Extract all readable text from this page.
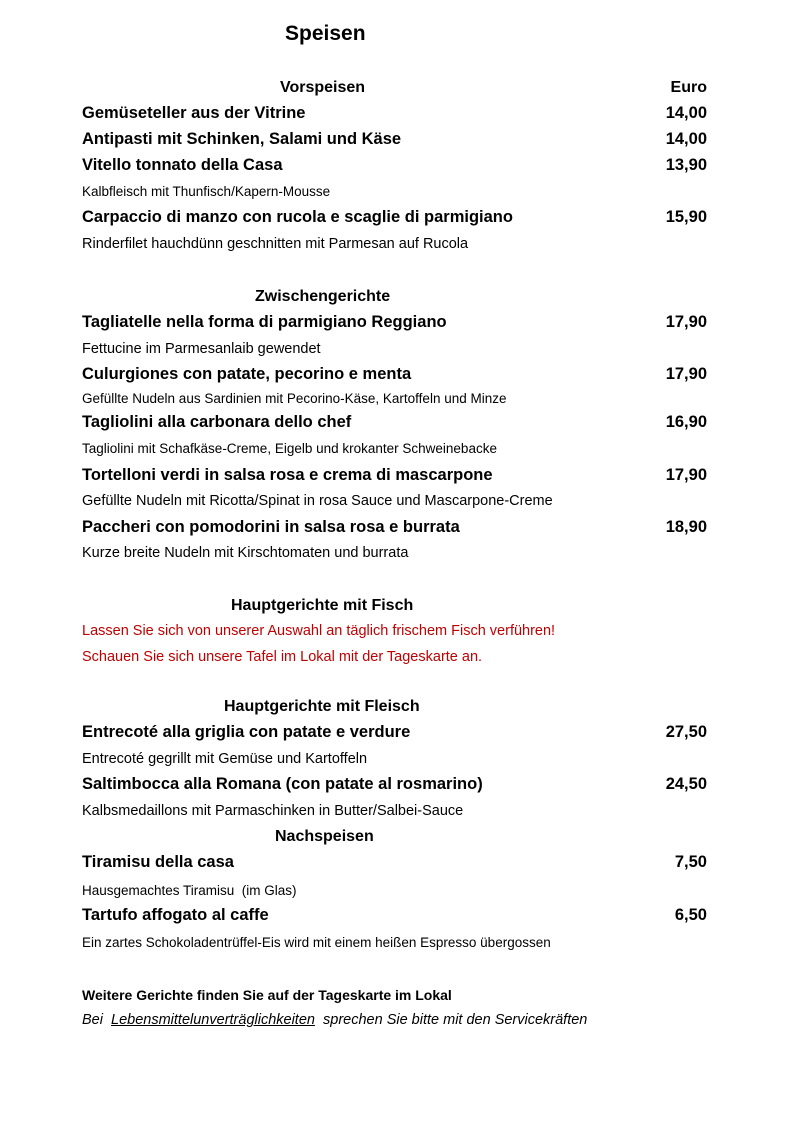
Speisen
Vorspeisen	Euro
Gemüseteller aus der Vitrine	14,00
Antipasti mit Schinken, Salami und Käse	14,00
Vitello tonnato della Casa	13,90
Kalbfleisch mit Thunfisch/Kapern-Mousse
Carpaccio di manzo con rucola e scaglie di parmigiano	15,90
Rinderfilet hauchdünn geschnitten mit Parmesan auf Rucola
Zwischengerichte
Tagliatelle nella forma di parmigiano Reggiano	17,90
Fettucine im Parmesanlaib gewendet
Culurgiones con patate, pecorino e menta	17,90
Gefüllte Nudeln aus Sardinien mit Pecorino-Käse, Kartoffeln und Minze
Tagliolini alla carbonara dello chef	16,90
Tagliolini mit Schafkäse-Creme, Eigelb und krokanter Schweinebacke
Tortelloni verdi in salsa rosa e crema di mascarpone	17,90
Gefüllte Nudeln mit Ricotta/Spinat in rosa Sauce und Mascarpone-Creme
Paccheri con pomodorini in salsa rosa e burrata	18,90
Kurze breite Nudeln mit Kirschtomaten und burrata
Hauptgerichte mit Fisch
Lassen Sie sich von unserer Auswahl an täglich frischem Fisch verführen!
Schauen Sie sich unsere Tafel im Lokal mit der Tageskarte an.
Hauptgerichte mit Fleisch
Entrecoté alla griglia con patate e verdure	27,50
Entrecoté gegrillt mit Gemüse und Kartoffeln
Saltimbocca alla Romana (con patate al rosmarino)	24,50
Kalbsmedaillons mit Parmaschinken in Butter/Salbei-Sauce
Nachspeisen
Tiramisu della casa	7,50
Hausgemachtes Tiramisu  (im Glas)
Tartufo affogato al caffe	6,50
Ein zartes Schokoladentrüffel-Eis wird mit einem heißen Espresso übergossen
Weitere Gerichte finden Sie auf der Tageskarte im Lokal
Bei Lebensmittelunverträglichkeiten sprechen Sie bitte mit den Servicekräften
